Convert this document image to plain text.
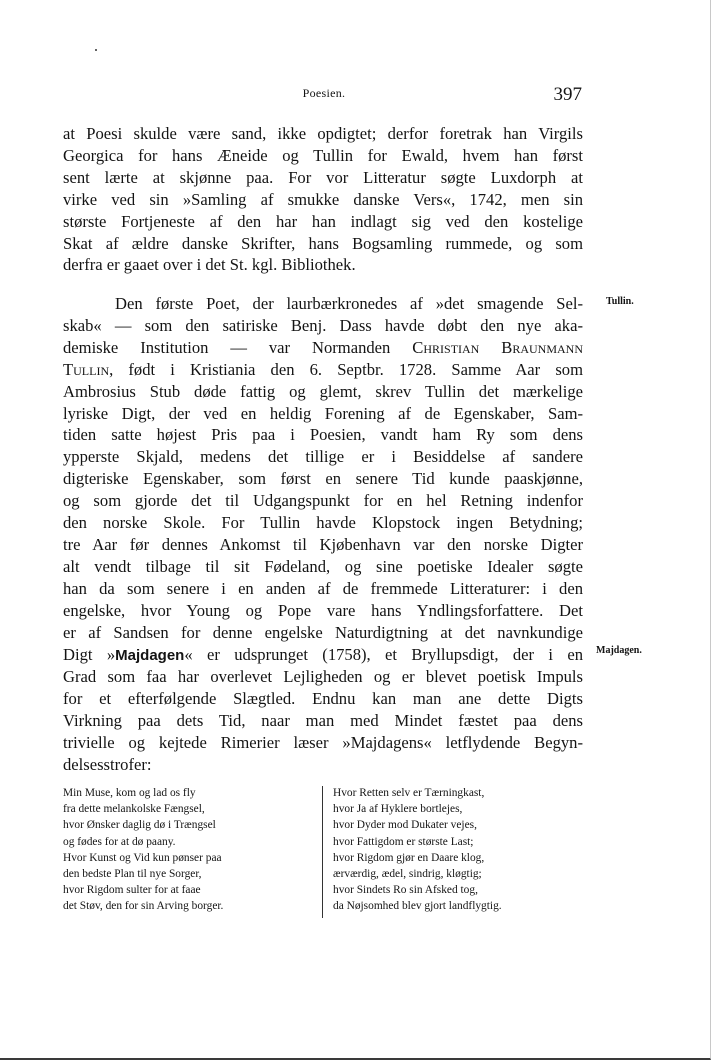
Poesien.	397
at Poesi skulde være sand, ikke opdigtet; derfor foretrak han Virgils
Georgica for hans Æneide og Tullin for Ewald, hvem han først
sent lærte at skjønne paa. For vor Litteratur søgte Luxdorph at
virke ved sin »Samling af smukke danske Vers«, 1742, men sin
største Fortjeneste af den har han indlagt sig ved den kostelige
Skat af ældre danske Skrifter, hans Bogsamling rummede, og som
derfra er gaaet over i det St. kgl. Bibliothek.
Den første Poet, der laurbærkronedes af »det smagende Sel-
skab« — som den satiriske Benj. Dass havde døbt den nye aka-
demiske Institution — var Normanden Christian Braunmann
Tullin, født i Kristiania den 6. Septbr. 1728. Samme Aar som
Ambrosius Stub døde fattig og glemt, skrev Tullin det mærkelige
lyriske Digt, der ved en heldig Forening af de Egenskaber, Sam-
tiden satte højest Pris paa i Poesien, vandt ham Ry som dens
ypperste Skjald, medens det tillige er i Besiddelse af sandere
digteriske Egenskaber, som først en senere Tid kunde paaskjønne,
og som gjorde det til Udgangspunkt for en hel Retning indenfor
den norske Skole. For Tullin havde Klopstock ingen Betydning;
tre Aar før dennes Ankomst til Kjøbenhavn var den norske Digter
alt vendt tilbage til sit Fødeland, og sine poetiske Idealer søgte
han da som senere i en anden af de fremmede Litteraturer: i den
engelske, hvor Young og Pope vare hans Yndlingsforfattere. Det
er af Sandsen for denne engelske Naturdigtning at det navnkundige
Digt »Majdagen« er udsprunget (1758), et Bryllupsdigt, der i en
Grad som faa har overlevet Lejligheden og er blevet poetisk Impuls
for et efterfølgende Slægtled. Endnu kan man ane dette Digts
Virkning paa dets Tid, naar man med Mindet fæstet paa dens
trivielle og kejtede Rimerier læser »Majdagens« letflydende Begyn-
delsesstrofer:
Tullin.
Majdagen.
Min Muse, kom og lad os fly
fra dette melankolske Fængsel,
hvor Ønsker daglig dø i Trængsel
og fødes for at dø paany.
Hvor Kunst og Vid kun pønser paa
den bedste Plan til nye Sorger,
hvor Rigdom sulter for at faae
det Støv, den for sin Arving borger.
Hvor Retten selv er Tærningkast,
hvor Ja af Hyklere bortlejes,
hvor Dyder mod Dukater vejes,
hvor Fattigdom er største Last;
hvor Rigdom gjør en Daare klog,
ærværdig, ædel, sindrig, kløgtig;
hvor Sindets Ro sin Afsked tog,
da Nøjsomhed blev gjort landflygtig.
